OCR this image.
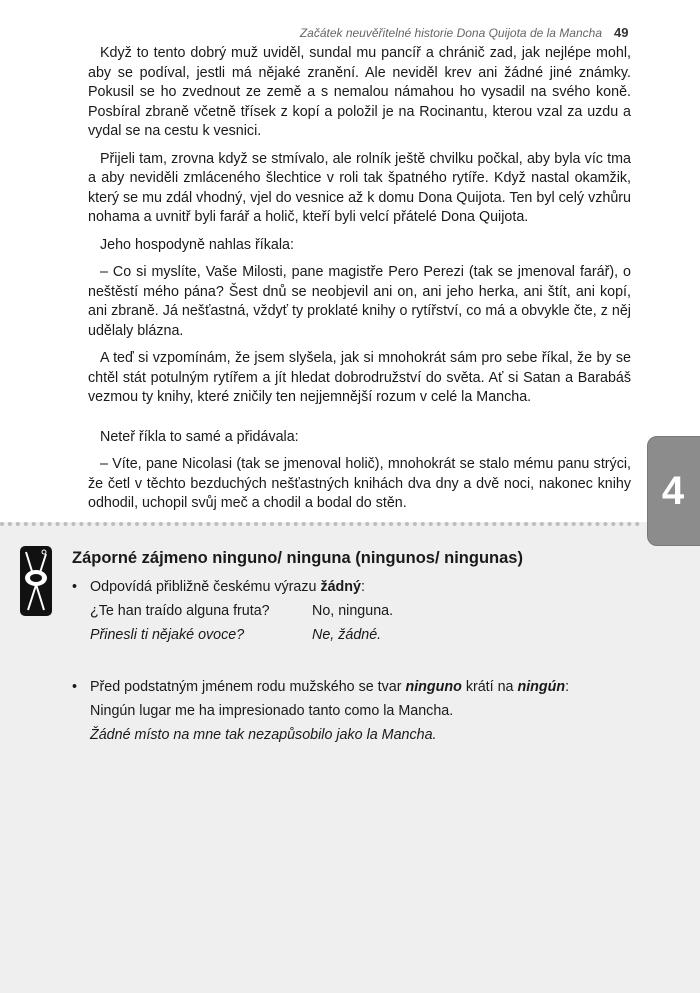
Začátek neuvěřitelné historie Dona Quijota de la Mancha 49

Když to tento dobrý muž uviděl, sundal mu pancíř a chránič zad, jak nejlépe mohl, aby se podíval, jestli má nějaké zranění. Ale neviděl krev ani žádné jiné známky. Pokusil se ho zvednout ze země a s nemalou námahou ho vysadil na svého koně. Posbíral zbraně včetně třísek z kopí a položil je na Rocinantu, kterou vzal za uzdu a vydal se na cestu k vesnici.

Přijeli tam, zrovna když se stmívalo, ale rolník ještě chvilku počkal, aby byla víc tma a aby neviděli zmláceného šlechtice v roli tak špatného rytíře. Když nastal okamžik, který se mu zdál vhodný, vjel do vesnice až k domu Dona Quijota. Ten byl celý vzhůru nohama a uvnitř byli farář a holič, kteří byli velcí přátelé Dona Quijota.

Jeho hospodyně nahlas říkala:

– Co si myslíte, Vaše Milosti, pane magistře Pero Perezi (tak se jmenoval farář), o neštěstí mého pána? Šest dnů se neobjevil ani on, ani jeho herka, ani štít, ani kopí, ani zbraně. Já nešťastná, vždyť ty proklaté knihy o rytířství, co má a obvykle čte, z něj udělaly blázna.

A teď si vzpomínám, že jsem slyšela, jak si mnohokrát sám pro sebe říkal, že by se chtěl stát potulným rytířem a jít hledat dobrodružství do světa. Ať si Satan a Barabáš vezmou ty knihy, které zničily ten nejjemnější rozum v celé la Mancha.

Neteř říkla to samé a přidávala:

– Víte, pane Nicolasi (tak se jmenoval holič), mnohokrát se stalo mému panu strýci, že četl v těchto bezduchých nešťastných knihách dva dny a dvě noci, nakonec knihy odhodil, uchopil svůj meč a chodil a bodal do stěn.	4
Záporné zájmeno ninguno/ ninguna (ningunos/ ningunas)
• Odpovídá přibližně českému výrazu žádný:
¿Te han traído alguna fruta?	No, ninguna.
Přinesli ti nějaké ovoce?	Ne, žádné.
• Před podstatným jménem rodu mužského se tvar ninguno krátí na ningún:
Ningún lugar me ha impresionado tanto como la Mancha.
Žádné místo na mne tak nezapůsobilo jako la Mancha.
